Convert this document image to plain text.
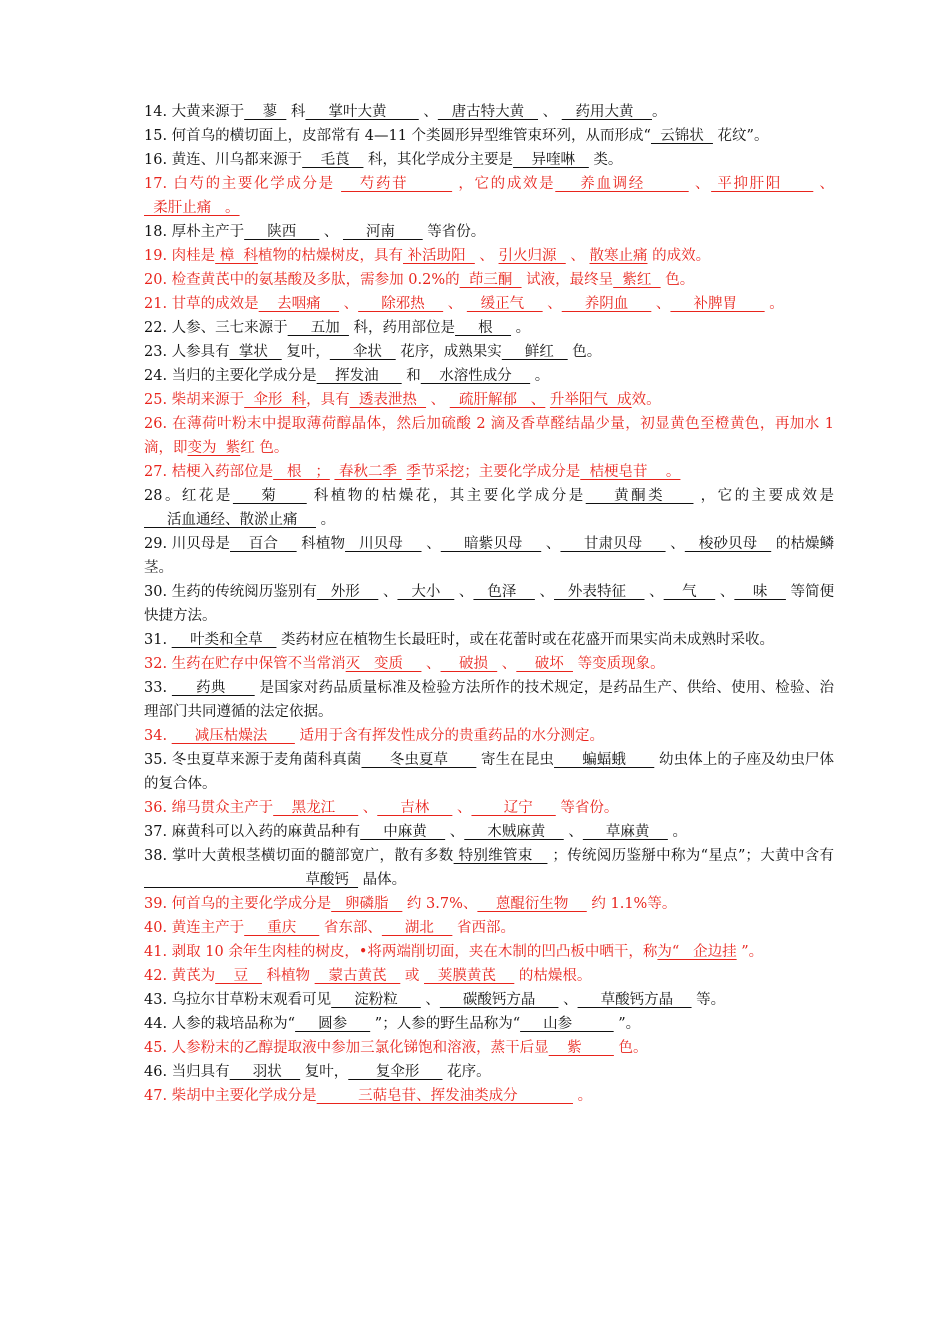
14. 大黄来源于    蓼   科     掌叶大黄        、   唐古特大黄    、    药用大黄    。

15. 何首乌的横切面上，皮部常有 4—11 个类圆形异型维管束环列，从而形成“  云锦状   花纹”。

16. 黄连、川乌都来源于    毛莨    科，其化学成分主要是    异喹啉    类。

17. 白芍的主要化学成分是    芍药苷        ，它的成效是    养血调经        、 平抑肝阳      、   柔肝止痛   。

18. 厚朴主产于     陕西      、      河南       等省份。

19. 肉桂是 樟  科植物的枯燥树皮，具有 补活助阳   、 引火归源   、 散寒止痛 的成效。

20. 检查黄芪中的氨基酸及多肽，需参加 0.2%的  茚三酮   试液，最终呈  紫红   色。

21. 甘草的成效是    去咽痛     、     除邪热     、    缓正气     、     养阴血      、     补脾胃       。

22. 人参、三七来源于     五加   科，药用部位是     根     。

23. 人参具有  掌状    复叶，     伞状    花序，成熟果实     鲜红    色。

24. 当归的主要化学成分是    挥发油      和    水溶性成分     。

25. 柴胡来源于  伞形  科，具有  透表泄热   、   疏肝解郁   、 升举阳气  成效。

26. 在薄荷叶粉末中提取薄荷醇晶体，然后加硫酸 2 滴及香草醛结晶少量，初显黄色至橙黄色，再加水 1 滴，即变为  紫红 色。

27. 桔梗入药部位是   根   ；  春秋二季  季节采挖；主要化学成分是  桔梗皂苷    。

28。红花是    菊     科植物的枯燥花，其主要化学成分是    黄酮类     ，它的主要成效是     活血通经、散淤止痛     。

29. 川贝母是    百合     科植物   川贝母     、     暗紫贝母     、     甘肃贝母      、   梭砂贝母    的枯燥鳞茎。

30. 生药的传统阅历鉴别有   外形     、   大小    、   色泽     、   外表特征     、    气     、    味     等简便快捷方法。

31.     叶类和全草    类药材应在植物生长最旺时，或在花蕾时或在花盛开而果实尚未成熟时采收。

32. 生药在贮存中保管不当常消灭   变质     、    破损   、    破坏   等变质现象。

33.      药典       是国家对药品质量标准及检验方法所作的技术规定，是药品生产、供给、使用、检验、治理部门共同遵循的法定依据。

34.      减压枯燥法       适用于含有挥发性成分的贵重药品的水分测定。

35. 冬虫夏草来源于麦角菌科真菌      冬虫夏草       寄生在昆虫      蝙蝠蛾       幼虫体上的子座及幼虫尸体的复合体。

36. 绵马贯众主产于    黑龙江      、     吉林      、       辽宁      等省份。

37. 麻黄科可以入药的麻黄品种有     中麻黄     、     木贼麻黄     、     草麻黄     。

38. 掌叶大黄根茎横切面的髓部宽广，散有多数 特别维管束    ；传统阅历鉴掰中称为“星点”；大黄中含有                                   草酸钙   晶体。

39. 何首乌的主要化学成分是   卵磷脂    约 3.7%、    蒽醌衍生物     约 1.1%等。

40. 黄连主产于     重庆      省东部、     湖北     省西部。

41. 剥取 10 余年生肉桂的树皮，•将两端削切面，夹在木制的凹凸板中晒干，称为“   企边挂 ”。

42. 黄芪为    豆    科植物    蒙古黄芪    或    荚膜黄芪     的枯燥根。

43. 乌拉尔甘草粉末观看可见     淀粉粒      、     碳酸钙方晶      、     草酸钙方晶     等。

44. 人参的栽培品称为“     圆参      ”；人参的野生品称为“     山参          ”。

45. 人参粉末的乙醇提取液中参加三氯化锑饱和溶液，蒸干后显    紫        色。

46. 当归具有     羽状     复叶，      复伞形      花序。

47. 柴胡中主要化学成分是         三萜皂苷、挥发油类成分             。
